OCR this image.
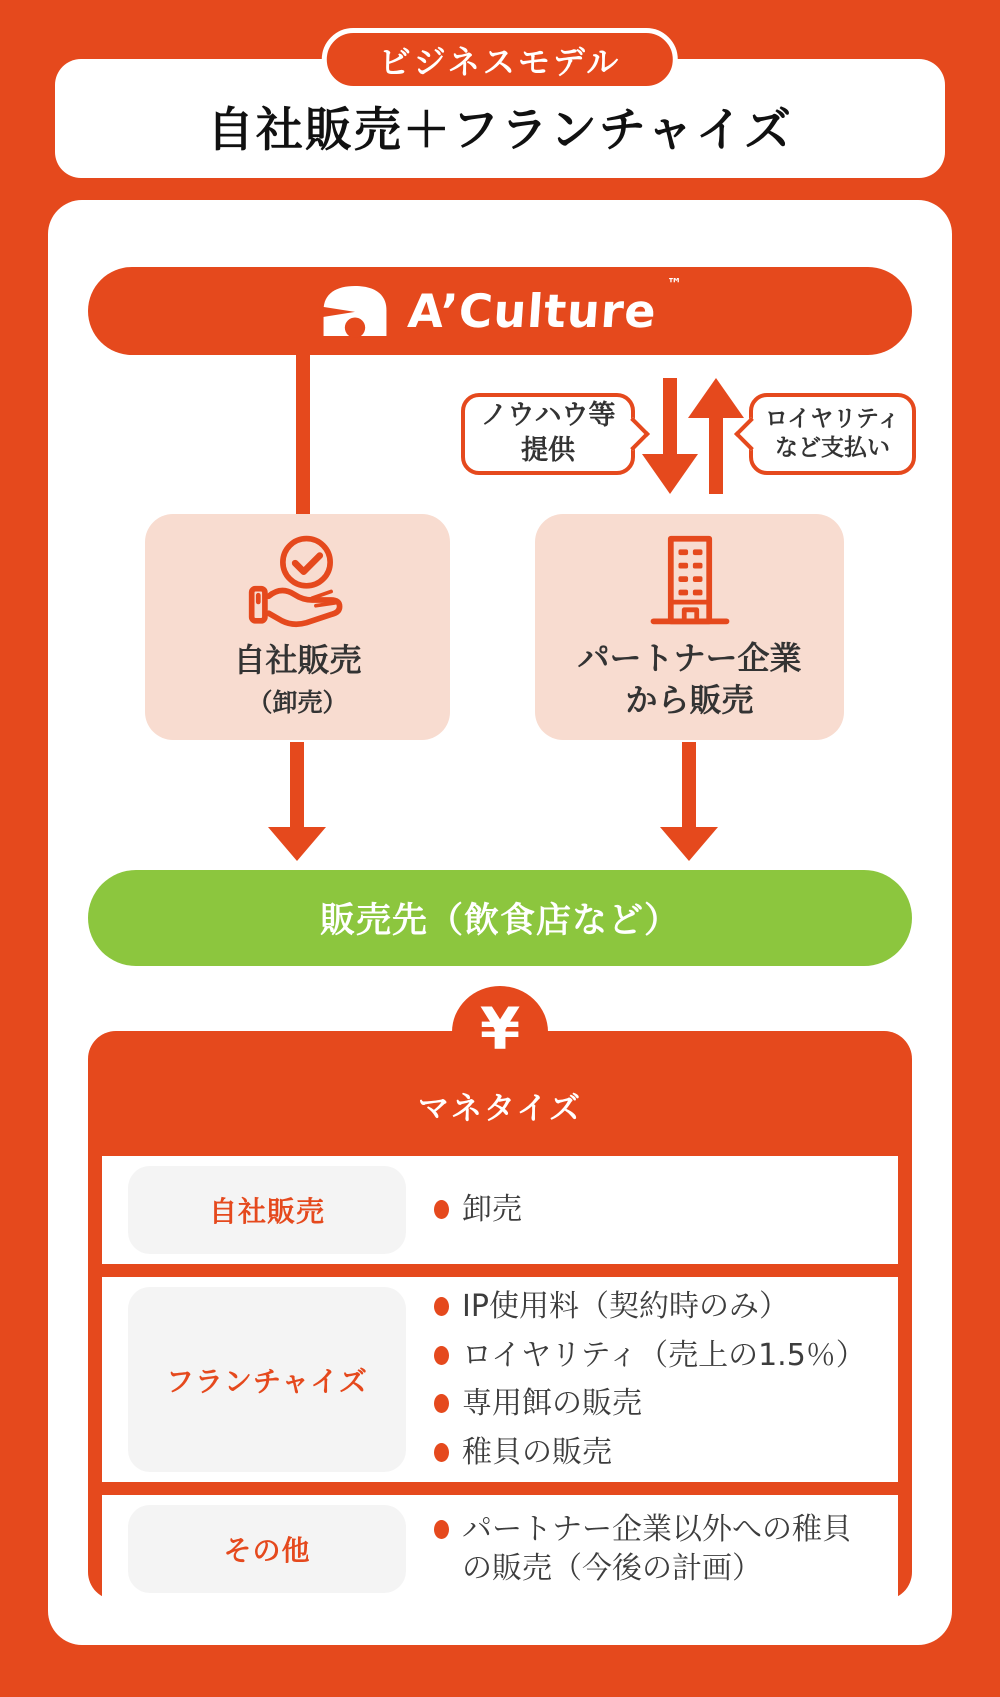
ビジネスモデル
自社販売＋フランチャイズ
A’Culture ™
ノウハウ等
提供
ロイヤリティ
など支払い
自社販売
（卸売）
パートナー企業
から販売
販売先（飲食店など）
¥
マネタイズ
自社販売	卸売

フランチャイズ

IP使用料（契約時のみ）

ロイヤリティ（売上の1.5％）

専用餌の販売

稚貝の販売

その他

パートナー企業以外への稚貝の販売（今後の計画）
